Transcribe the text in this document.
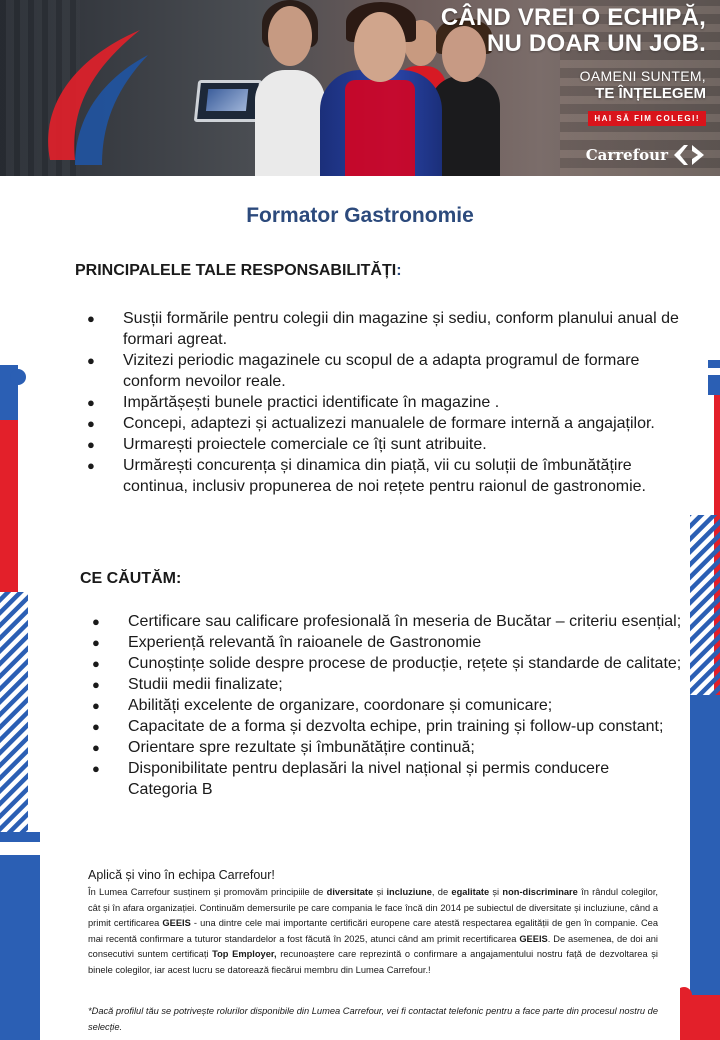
CÂND VREI O ECHIPĂ,
NU DOAR UN JOB.
OAMENI SUNTEM,
TE ÎNȚELEGEM
HAI SĂ FIM COLEGI!
Carrefour
Formator Gastronomie
PRINCIPALELE TALE RESPONSABILITĂȚI:
● Susții formările pentru colegii din magazine și sediu, conform planului anual de formari agreat.
● Vizitezi periodic magazinele cu scopul de a adapta programul de formare conform nevoilor reale.
● Impărtășești bunele practici identificate în magazine .
● Concepi, adaptezi și actualizezi manualele de formare internă a angajaților.
● Urmarești proiectele comerciale ce îți sunt atribuite.
● Urmărești concurența și dinamica din piață, vii cu soluții de îmbunătățire continua, inclusiv propunerea de noi rețete pentru raionul de gastronomie.
CE CĂUTĂM:
● Certificare sau calificare profesională în meseria de Bucătar – criteriu esențial;
● Experiență relevantă în raioanele de Gastronomie
● Cunoștințe solide despre procese de producție, rețete și standarde de calitate;
● Studii medii finalizate;
● Abilități excelente de organizare, coordonare și comunicare;
● Capacitate de a forma și dezvolta echipe, prin training și follow-up constant;
● Orientare spre rezultate și îmbunătățire continuă;
● Disponibilitate pentru deplasări la nivel național și permis conducere Categoria B
Aplică și vino în echipa Carrefour!

În Lumea Carrefour susținem și promovăm principiile de diversitate și incluziune, de egalitate și non-discriminare în rândul colegilor, cât și în afara organizației. Continuăm demersurile pe care compania le face încă din 2014 pe subiectul de diversitate și incluziune, când a primit certificarea GEEIS - una dintre cele mai importante certificări europene care atestă respectarea egalității de gen în companie. Cea mai recentă confirmare a tuturor standardelor a fost făcută în 2025, atunci când am primit recertificarea GEEIS. De asemenea, de doi ani consecutivi suntem certificați Top Employer, recunoaștere care reprezintă o confirmare a angajamentului nostru față de dezvoltarea și binele colegilor, iar acest lucru se datorează fiecărui membru din Lumea Carrefour.!

*Dacă profilul tău se potrivește rolurilor disponibile din Lumea Carrefour, vei fi contactat telefonic pentru a face parte din procesul nostru de selecție.
